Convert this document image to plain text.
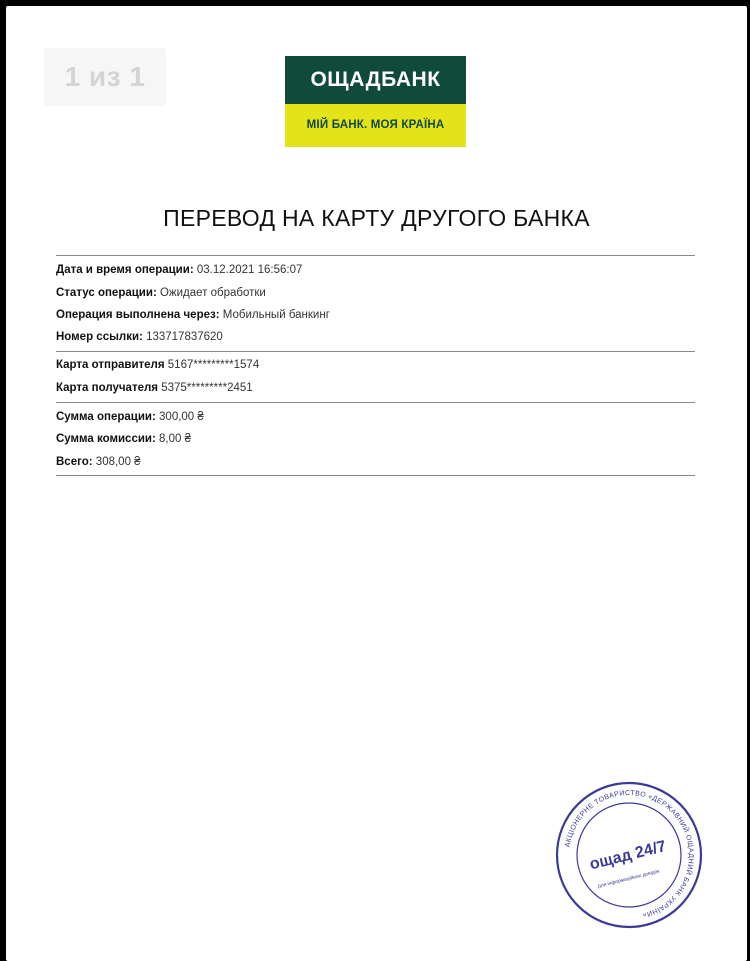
1 из 1	ОЩАДБАНК
МІЙ БАНК. МОЯ КРАЇНА
ПЕРЕВОД НА КАРТУ ДРУГОГО БАНКА
Дата и время операции: 03.12.2021 16:56:07
Статус операции: Ожидает обработки
Операция выполнена через: Мобильный банкинг
Номер ссылки: 133717837620
Карта отправителя 5167*********1574
Карта получателя 5375*********2451
Сумма операции: 300,00 ₴
Сумма комиссии: 8,00 ₴
Всего: 308,00 ₴
АКЦІОНЕРНЕ ТОВАРИСТВО «ДЕРЖАВНИЙ ОЩАДНИЙ БАНК УКРАЇНИ»
ощад 24/7
для інформаційних довідок
